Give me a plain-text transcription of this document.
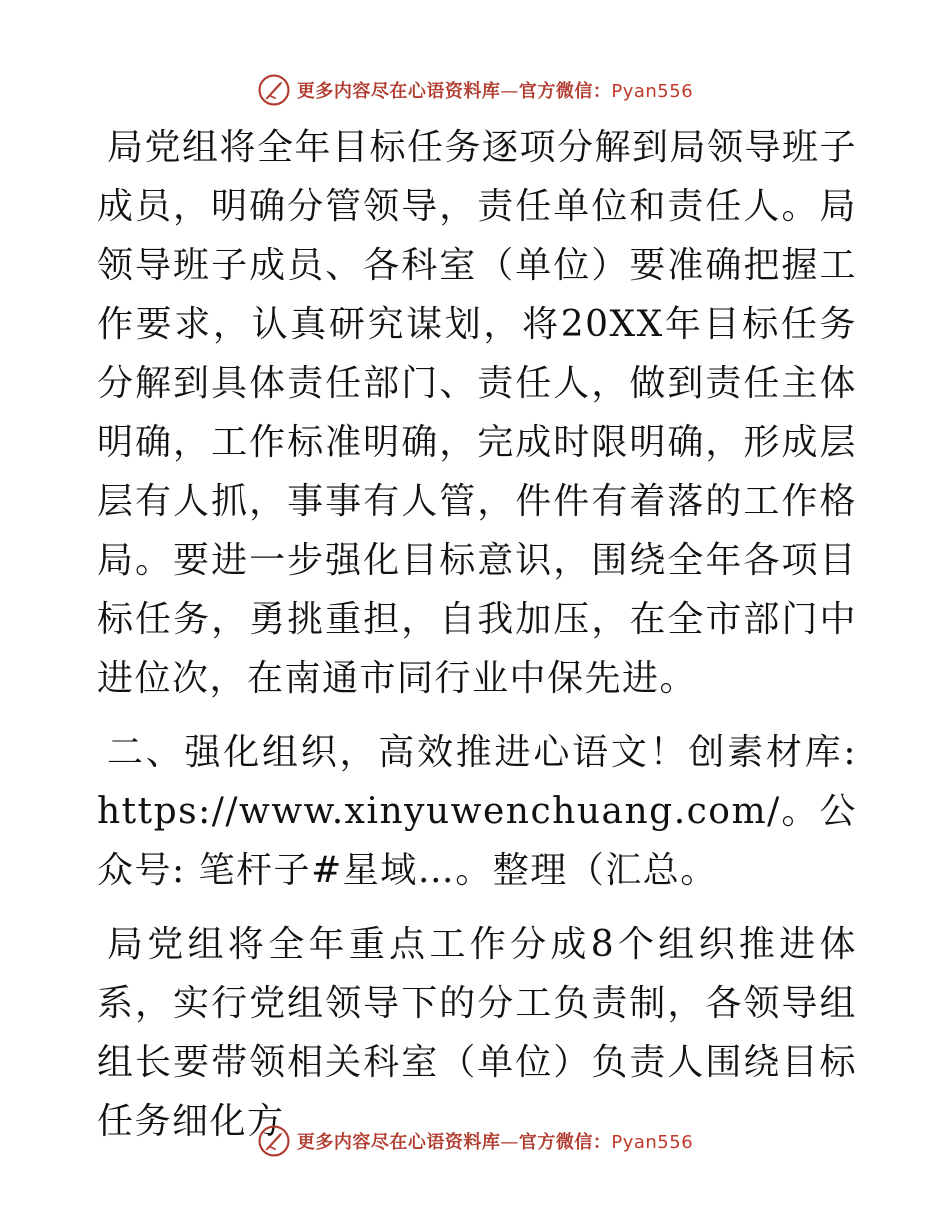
更多内容尽在心语资料库—官方微信：Pyan556

局党组将全年目标任务逐项分解到局领导班子成员，明确分管领导，责任单位和责任人。局领导班子成员、各科室（单位）要准确把握工作要求，认真研究谋划，将20XX年目标任务分解到具体责任部门、责任人，做到责任主体明确，工作标准明确，完成时限明确，形成层层有人抓，事事有人管，件件有着落的工作格局。要进一步强化目标意识，围绕全年各项目标任务，勇挑重担，自我加压，在全市部门中进位次，在南通市同行业中保先进。

二、强化组织，高效推进心语文！创素材库:https://www.xinyuwenchuang.com/。公众号: 笔杆子#星域…。整理（汇总。

局党组将全年重点工作分成8个组织推进体系，实行党组领导下的分工负责制，各领导组组长要带领相关科室（单位）负责人围绕目标任务细化方

更多内容尽在心语资料库—官方微信：Pyan556
